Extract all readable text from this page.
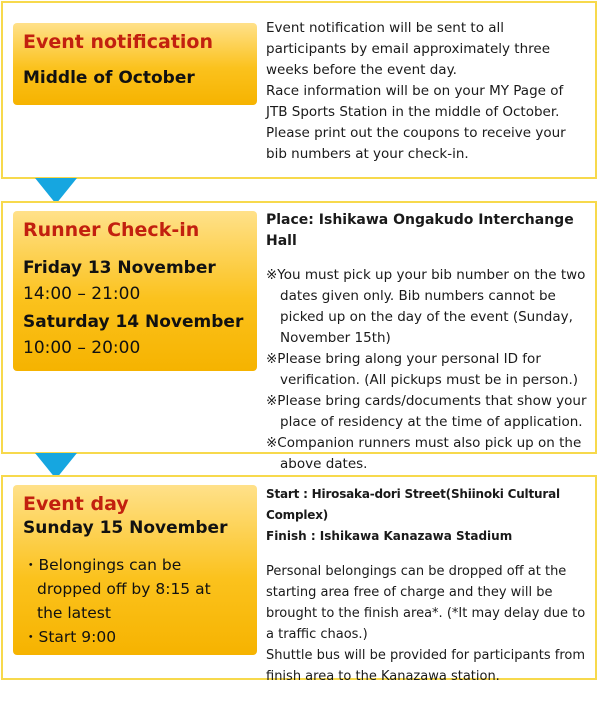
Event notification
Middle of October

Event notification will be sent to all participants by email approximately three weeks before the event day.

Race information will be on your MY Page of JTB Sports Station in the middle of October. Please print out the coupons to receive your bib numbers at your check-in.

Runner Check-in
Friday 13 November
14:00 – 21:00
Saturday 14 November
10:00 – 20:00

Place: Ishikawa Ongakudo Interchange Hall

※You must pick up your bib number on the two dates given only. Bib numbers cannot be picked up on the day of the event (Sunday, November 15th)

※Please bring along your personal ID for verification. (All pickups must be in person.)

※Please bring cards/documents that show your place of residency at the time of application.

※Companion runners must also pick up on the above dates.

Event day
Sunday 15 November
・Belongings can be
dropped off by 8:15 at
the latest
・Start 9:00

Start : Hirosaka-dori Street(Shiinoki Cultural Complex)

Finish : Ishikawa Kanazawa Stadium

Personal belongings can be dropped off at the starting area free of charge and they will be brought to the finish area*. (*It may delay due to a traffic chaos.)

Shuttle bus will be provided for participants from finish area to the Kanazawa station.
